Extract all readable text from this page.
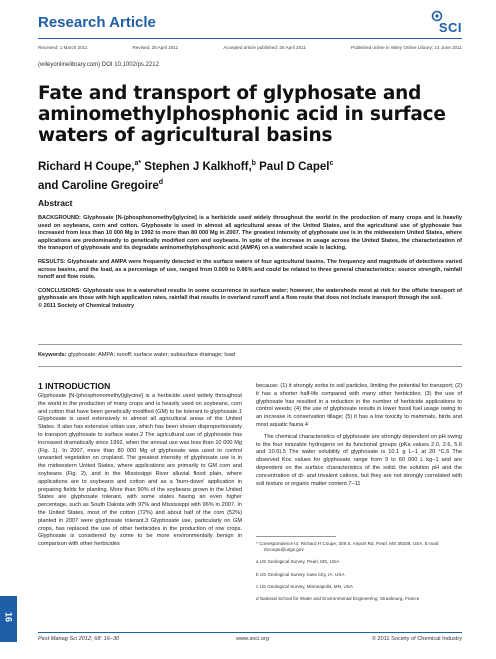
Research Article	SCI
Received: 1 March 2011	Revised: 25 April 2011	Accepted article published: 26 April 2011	Published online in Wiley Online Library: 14 June 2011
(wileyonlinelibrary.com) DOI 10.1002/ps.2212
Fate and transport of glyphosate and aminomethylphosphonic acid in surface waters of agricultural basins
Richard H Coupe,$^{a*}$ Stephen J Kalkhoff,$^b$ Paul D Capel$^c$
and Caroline Gregoire$^d$
Abstract

BACKGROUND: Glyphosate [N-(phosphonomethyl)glycine] is a herbicide used widely throughout the world in the production of many crops and is heavily used on soybeans, corn and cotton. Glyphosate is used in almost all agricultural areas of the United States, and the agricultural use of glyphosate has increased from less than 10 000 Mg in 1992 to more than 80 000 Mg in 2007. The greatest intensity of glyphosate use is in the midwestern United States, where applications are predominantly to genetically modified corn and soybeans. In spite of the increase in usage across the United States, the characterization of the transport of glyphosate and its degradate aminomethylphosphonic acid (AMPA) on a watershed scale is lacking.

RESULTS: Glyphosate and AMPA were frequently detected in the surface waters of four agricultural basins. The frequency and magnitude of detections varied across basins, and the load, as a percentage of use, ranged from 0.009 to 0.86% and could be related to three general characteristics: source strength, rainfall runoff and flow route.

CONCLUSIONS: Glyphosate use in a watershed results in some occurrence in surface water; however, the watersheds most at risk for the offsite transport of glyphosate are those with high application rates, rainfall that results in overland runoff and a flow route that does not include transport through the soil.
© 2011 Society of Chemical Industry

Keywords: glyphosate; AMPA; runoff; surface water; subsurface drainage; load
1 INTRODUCTION
Glyphosate [N-(phosphonomethyl)glycine] is a herbicide used widely throughout the world in the production of many crops and is heavily used on soybeans, corn and cotton that have been genetically modified (GM) to be tolerant to glyphosate.1 Glyphosate is used extensively in almost all agricultural areas of the United States. It also has extensive urban use, which has been shown disproportionately to transport glyphosate to surface water.2 The agricultural use of glyphosate has increased dramatically since 1992, when the annual use was less than 10 000 Mg (Fig. 1). In 2007, more than 80 000 Mg of glyphosate was used to control unwanted vegetation on cropland. The greatest intensity of glyphosate use is in the midwestern United States, where applications are primarily to GM corn and soybeans (Fig. 2), and in the Mississippi River alluvial flood plain, where applications are to soybeans and cotton and as a 'burn-down' application in preparing fields for planting. More than 90% of the soybeans grown in the United States are glyphosate tolerant, with some states having an even higher percentage, such as South Dakota with 97% and Mississippi with 96% in 2007. In the United States, most of the cotton (72%) and about half of the corn (52%) planted in 2007 were glyphosate tolerant.3 Glyphosate use, particularly on GM crops, has replaced the use of other herbicides in the production of row crops. Glyphosate is considered by some to be more environmentally benign in comparison with other herbicides

because: (1) it strongly sorbs to soil particles, limiting the potential for transport; (2) it has a shorter half-life compared with many other herbicides; (3) the use of glyphosate has resulted in a reduction in the number of herbicide applications to control weeds; (4) the use of glyphosate results in lower fossil fuel usage owing to an increase in conservation tillage; (5) it has a low toxicity to mammals, birds and most aquatic fauna.4

The chemical characteristics of glyphosate are strongly dependent on pH owing to the four ionizable hydrogens on its functional groups (pKa values 2.0, 2.6, 5.6 and 10.6).5 The water solubility of glyphosate is 10.1 g L−1 at 20 °C.6 The observed Koc values for glyphosate range from 9 to 60 000 L kg−1 and are dependent on the surface characteristics of the solid, the solution pH and the concentration of di- and trivalent cations, but they are not strongly correlated with soil texture or organic matter content.7−11

* Correspondence to: Richard H Coupe, 308 S. Airport Rd, Pearl, MS 39208, USA. E-mail: rhcoupe@usgs.gov
a US Geological Survey, Pearl, MS, USA
b US Geological Survey, Iowa City, IA, USA
c US Geological Survey, Minneapolis, MN, USA
d National School for Water and Environmental Engineering, Strasbourg, France
16
Pest Manag Sci 2012; 68: 16–30	www.soci.org	© 2011 Society of Chemical Industry
